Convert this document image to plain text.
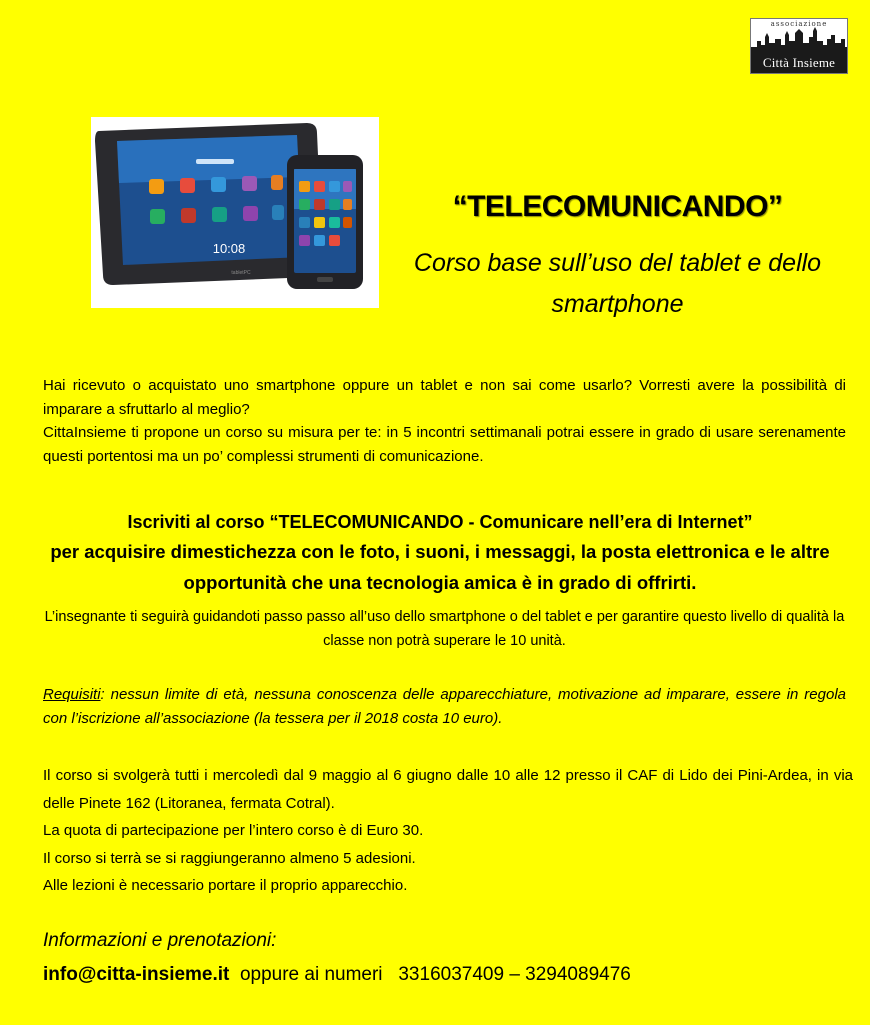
associazione
Città Insieme
10:08
tabletPC
“TELECOMUNICANDO”
Corso base sull’uso del tablet e dello
smartphone
Hai ricevuto o acquistato uno smartphone oppure un tablet e non sai come usarlo? Vorresti avere la possibilità di imparare a sfruttarlo al meglio?
CittaInsieme ti propone un corso su misura per te: in 5 incontri settimanali potrai essere in grado di usare serenamente questi portentosi ma un po’ complessi strumenti di comunicazione.
Iscriviti al corso “TELECOMUNICANDO - Comunicare nell’era di Internet”
per acquisire dimestichezza con le foto, i suoni, i messaggi, la posta elettronica e le altre opportunità che una tecnologia amica è in grado di offrirti.

L’insegnante ti seguirà guidandoti passo passo all’uso dello smartphone o del tablet e per garantire questo livello di qualità la classe non potrà superare le 10 unità.

Requisiti: nessun limite di età, nessuna conoscenza delle apparecchiature, motivazione ad imparare, essere in regola con l’iscrizione all’associazione (la tessera per il 2018 costa 10 euro).

Il corso si svolgerà tutti i mercoledì dal 9 maggio al 6 giugno dalle 10 alle 12 presso il CAF di Lido dei Pini-Ardea, in via delle Pinete 162 (Litoranea, fermata Cotral).
La quota di partecipazione per l’intero corso è di Euro 30.
Il corso si terrà se si raggiungeranno almeno 5 adesioni.
Alle lezioni è necessario portare il proprio apparecchio.
Informazioni e prenotazioni:
info@citta-insieme.it  oppure ai numeri   3316037409 – 3294089476
